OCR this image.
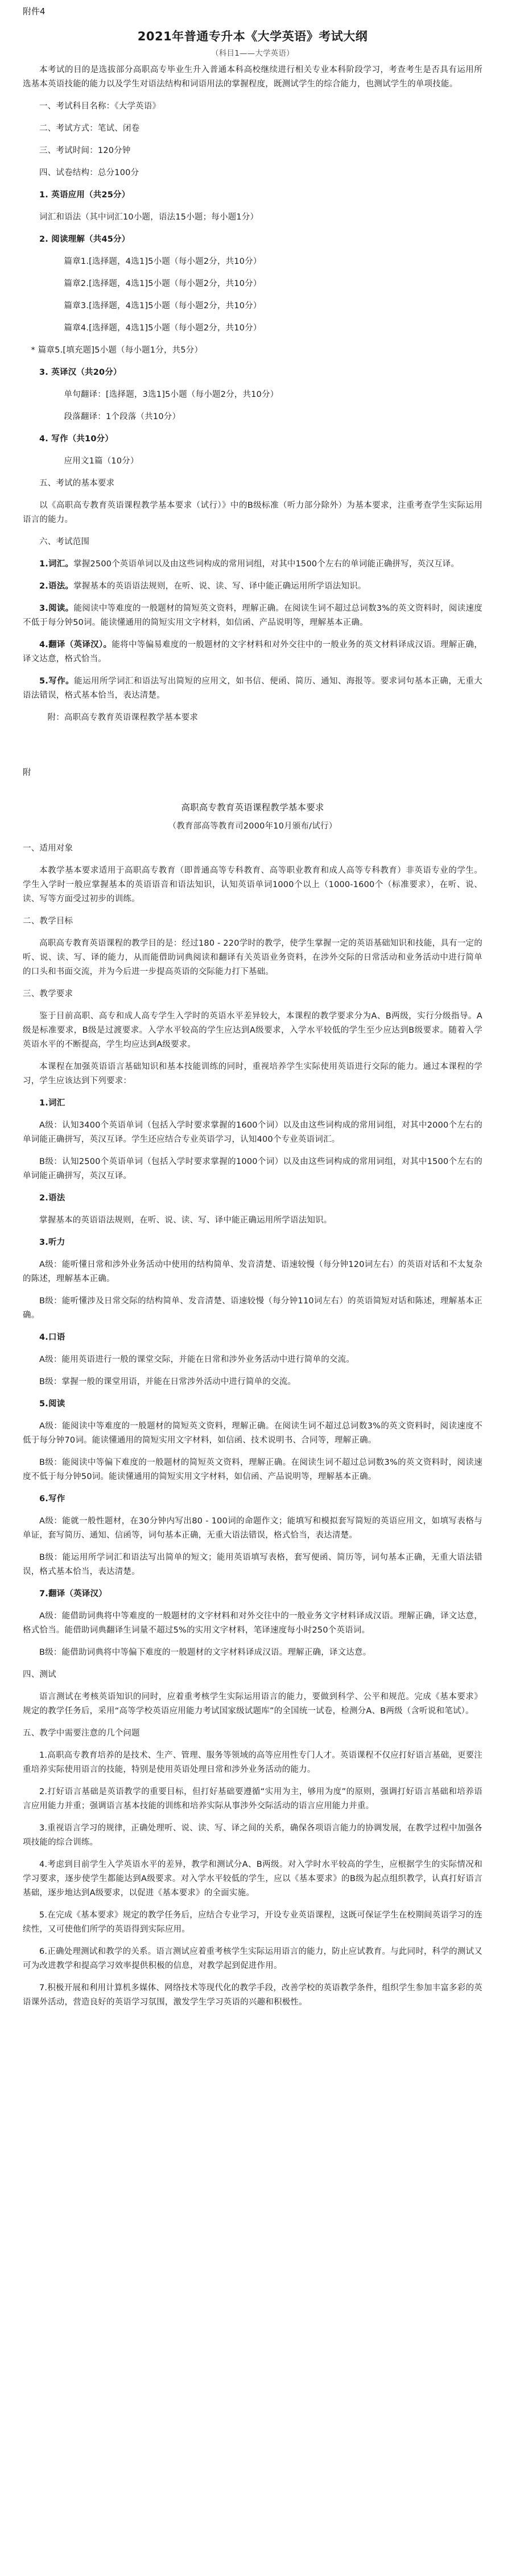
附件4

2021年普通专升本《大学英语》考试大纲

（科目1——大学英语）

本考试的目的是选拔部分高职高专毕业生升入普通本科高校继续进行相关专业本科阶段学习，考查考生是否具有运用所选基本英语技能的能力以及学生对语法结构和词语用法的掌握程度，既测试学生的综合能力，也测试学生的单项技能。

一、考试科目名称：《大学英语》

二、考试方式：笔试、闭卷

三、考试时间：120分钟

四、试卷结构：总分100分

1. 英语应用（共25分）

词汇和语法（其中词汇10小题，语法15小题；每小题1分）

2. 阅读理解（共45分）

篇章1.[选择题，4选1]5小题（每小题2分，共10分）

篇章2.[选择题，4选1]5小题（每小题2分，共10分）

篇章3.[选择题，4选1]5小题（每小题2分，共10分）

篇章4.[选择题，4选1]5小题（每小题2分，共10分）

* 篇章5.[填充题]5小题（每小题1分，共5分）

3. 英译汉（共20分）

单句翻译：[选择题，3选1]5小题（每小题2分，共10分）

段落翻译：1个段落（共10分）

4. 写作（共10分）

应用文1篇（10分）

五、考试的基本要求

以《高职高专教育英语课程教学基本要求（试行）》中的B级标准（听力部分除外）为基本要求，注重考查学生实际运用语言的能力。

六、考试范围

1.词汇。掌握2500个英语单词以及由这些词构成的常用词组，对其中1500个左右的单词能正确拼写，英汉互译。

2.语法。掌握基本的英语语法规则，在听、说、读、写、译中能正确运用所学语法知识。

3.阅读。能阅读中等难度的一般题材的简短英文资料，理解正确。在阅读生词不超过总词数3%的英文资料时，阅读速度不低于每分钟50词。能读懂通用的简短实用文字材料，如信函、产品说明等，理解基本正确。

4.翻译（英译汉）。能将中等偏易难度的一般题材的文字材料和对外交往中的一般业务的英文材料译成汉语。理解正确，译文达意，格式恰当。

5.写作。能运用所学词汇和语法写出简短的应用文，如书信、便函、简历、通知、海报等。要求词句基本正确，无重大语法错误，格式基本恰当，表达清楚。

附：高职高专教育英语课程教学基本要求

附

高职高专教育英语课程教学基本要求

（教育部高等教育司2000年10月颁布/试行）

一、适用对象

本教学基本要求适用于高职高专教育（即普通高等专科教育、高等职业教育和成人高等专科教育）非英语专业的学生。学生入学时一般应掌握基本的英语语音和语法知识，认知英语单词1000个以上（1000-1600个（标准要求），在听、说、读、写等方面受过初步的训练。

二、教学目标

高职高专教育英语课程的教学目的是：经过180 - 220学时的教学，使学生掌握一定的英语基础知识和技能，具有一定的听、说、读、写、译的能力，从而能借助词典阅读和翻译有关英语业务资料，在涉外交际的日常活动和业务活动中进行简单的口头和书面交流，并为今后进一步提高英语的交际能力打下基础。

三、教学要求

鉴于目前高职、高专和成人高专学生入学时的英语水平差异较大，本课程的教学要求分为A、B两级，实行分级指导。A级是标准要求，B级是过渡要求。入学水平较高的学生应达到A级要求，入学水平较低的学生至少应达到B级要求。随着入学英语水平的不断提高，学生均应达到A级要求。

本课程在加强英语语言基础知识和基本技能训练的同时，重视培养学生实际使用英语进行交际的能力。通过本课程的学习，学生应该达到下列要求：

1.词汇

A级：认知3400个英语单词（包括入学时要求掌握的1600个词）以及由这些词构成的常用词组，对其中2000个左右的单词能正确拼写，英汉互译。学生还应结合专业英语学习，认知400个专业英语词汇。

B级：认知2500个英语单词（包括入学时要求掌握的1000个词）以及由这些词构成的常用词组，对其中1500个左右的单词能正确拼写，英汉互译。

2.语法

掌握基本的英语语法规则，在听、说、读、写、译中能正确运用所学语法知识。

3.听力

A级：能听懂日常和涉外业务活动中使用的结构简单、发音清楚、语速较慢（每分钟120词左右）的英语对话和不太复杂的陈述，理解基本正确。

B级：能听懂涉及日常交际的结构简单、发音清楚、语速较慢（每分钟110词左右）的英语简短对话和陈述，理解基本正确。

4.口语

A级：能用英语进行一般的课堂交际，并能在日常和涉外业务活动中进行简单的交流。

B级：掌握一般的课堂用语，并能在日常涉外活动中进行简单的交流。

5.阅读

A级：能阅读中等难度的一般题材的简短英文资料，理解正确。在阅读生词不超过总词数3%的英文资料时，阅读速度不低于每分钟70词。能读懂通用的简短实用文字材料，如信函、技术说明书、合同等，理解正确。

B级：能阅读中等偏下难度的一般题材的简短英文资料，理解正确。在阅读生词不超过总词数3%的英文资料时，阅读速度不低于每分钟50词。能读懂通用的简短实用文字材料，如信函、产品说明等，理解基本正确。

6.写作

A级：能就一般性题材，在30分钟内写出80 - 100词的命题作文；能填写和模拟套写简短的英语应用文，如填写表格与单证，套写简历、通知、信函等，词句基本正确，无重大语法错误，格式恰当，表达清楚。

B级：能运用所学词汇和语法写出简单的短文；能用英语填写表格，套写便函、简历等，词句基本正确，无重大语法错误，格式基本恰当，表达清楚。

7.翻译（英译汉）

A级：能借助词典将中等难度的一般题材的文字材料和对外交往中的一般业务文字材料译成汉语。理解正确，译文达意，格式恰当。能借助词典翻译生词量不超过5%的实用文字材料，笔译速度每小时250个英语词。

B级：能借助词典将中等偏下难度的一般题材的文字材料译成汉语。理解正确，译文达意。

四、测试

语言测试在考核英语知识的同时，应着重考核学生实际运用语言的能力，要做到科学、公平和规范。完成《基本要求》规定的教学任务后，采用“高等学校英语应用能力考试国家级试题库”的全国统一试卷，检测分A、B两级（含听说和笔试）。

五、教学中需要注意的几个问题

1.高职高专教育培养的是技术、生产、管理、服务等领域的高等应用性专门人才。英语课程不仅应打好语言基础，更要注重培养实际使用语言的技能，特别是使用英语处理日常和涉外业务活动的能力。

2.打好语言基础是英语教学的重要目标，但打好基础要遵循“实用为主，够用为度”的原则，强调打好语言基础和培养语言应用能力并重；强调语言基本技能的训练和培养实际从事涉外交际活动的语言应用能力并重。

3.重视语言学习的规律，正确处理听、说、读、写、译之间的关系，确保各项语言能力的协调发展，在教学过程中加强各项技能的综合训练。

4.考虑到目前学生入学英语水平的差异，教学和测试分A、B两级。对入学时水平较高的学生，应根据学生的实际情况和学习要求，逐步使学生都能达到A级要求。对入学水平较低的学生，应以《基本要求》的B级为起点组织教学，认真打好语言基础，逐步地达到A级要求，以促进《基本要求》的全面实施。

5.在完成《基本要求》规定的教学任务后，应结合专业学习，开设专业英语课程，这既可保证学生在校期间英语学习的连续性，又可使他们所学的英语得到实际应用。

6.正确处理测试和教学的关系。语言测试应着重考核学生实际运用语言的能力，防止应试教育。与此同时，科学的测试又可为改进教学和提高学习效率提供积极的信息，对教学起到促进作用。

7.积极开展和利用计算机多媒体、网络技术等现代化的教学手段，改善学校的英语教学条件，组织学生参加丰富多彩的英语课外活动，营造良好的英语学习氛围，激发学生学习英语的兴趣和积极性。
